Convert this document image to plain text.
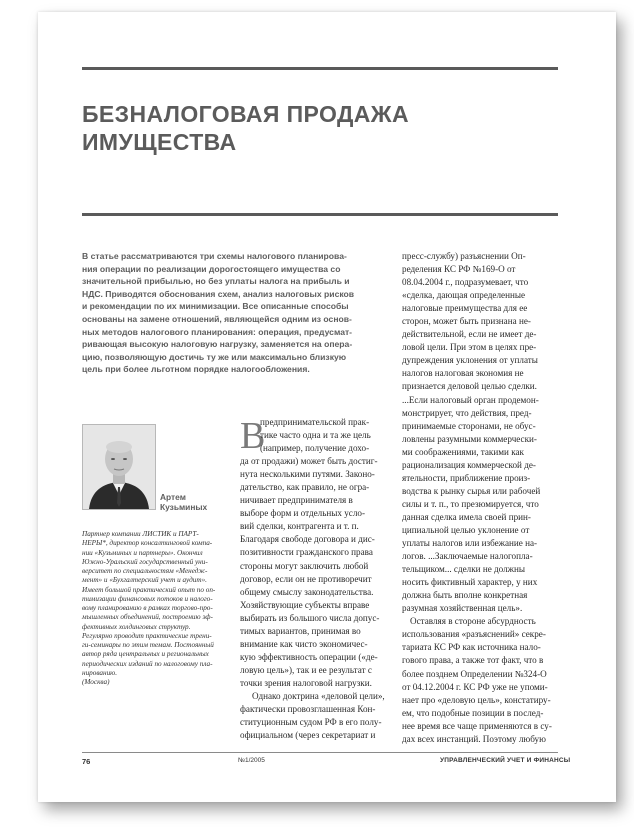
БЕЗНАЛОГОВАЯ ПРОДАЖА
ИМУЩЕСТВА
В статье рассматриваются три схемы налогового планирова-
ния операции по реализации дорогостоящего имущества со
значительной прибылью, но без уплаты налога на прибыль и
НДС. Приводятся обоснования схем, анализ налоговых рисков
и рекомендации по их минимизации. Все описанные способы
основаны на замене отношений, являющейся одним из основ-
ных методов налогового планирования: операция, предусмат-
ривающая высокую налоговую нагрузку, заменяется на опера-
цию, позволяющую достичь ту же или максимально близкую
цель при более льготном порядке налогообложения.
Артем
Кузьминых
Партнер компании ЛИСТИК и ПАРТ-
НЕРЫ*, директор консалтинговой компа-
нии «Кузьминых и партнеры». Окончил
Южно-Уральский государственный уни-
верситет по специальностям «Менедж-
мент» и «Бухгалтерский учет и аудит».
Имеет большой практический опыт по оп-
тимизации финансовых потоков и налого-
вому планированию в рамках торгово-про-
мышленных объединений, построению эф-
фективных холдинговых структур.
Регулярно проводит практические трени-
ги-семинары по этим темам. Постоянный
автор ряда центральных и региональных
периодических изданий по налоговому пла-
нированию.
(Москва)
В
предпринимательской прак-
тике часто одна и та же цель
(например, получение дохо-
да от продажи) может быть достиг-
нута несколькими путями. Законо-
дательство, как правило, не огра-
ничивает предпринимателя в
выборе форм и отдельных усло-
вий сделки, контрагента и т. п.
Благодаря свободе договора и дис-
позитивности гражданского права
стороны могут заключить любой
договор, если он не противоречит
общему смыслу законодательства.
Хозяйствующие субъекты вправе
выбирать из большого числа допус-
тимых вариантов, принимая во
внимание как чисто экономичес-
кую эффективность операции («де-
ловую цель»), так и ее результат с
точки зрения налоговой нагрузки.
Однако доктрина «деловой цели»,
фактически провозглашенная Кон-
ституционным судом РФ в его полу-
официальном (через секретариат и
пресс-службу) разъяснении Оп-
ределения КС РФ №169-О от
08.04.2004 г., подразумевает, что
«сделка, дающая определенные
налоговые преимущества для ее
сторон, может быть признана не-
действительной, если не имеет де-
ловой цели. При этом в целях пре-
дупреждения уклонения от уплаты
налогов налоговая экономия не
признается деловой целью сделки.
...Если налоговый орган продемон-
монстрирует, что действия, пред-
принимаемые сторонами, не обус-
ловлены разумными коммерчески-
ми соображениями, такими как
рационализация коммерческой де-
ятельности, приближение произ-
водства к рынку сырья или рабочей
силы и т. п., то презюмируется, что
данная сделка имела своей прин-
ципиальной целью уклонение от
уплаты налогов или избежание на-
логов. ...Заключаемые налогопла-
тельщиком... сделки не должны
носить фиктивный характер, у них
должна быть вполне конкретная
разумная хозяйственная цель».
Оставляя в стороне абсурдность
использования «разъяснений» секре-
тариата КС РФ как источника нало-
гового права, а также тот факт, что в
более позднем Определении №324-О
от 04.12.2004 г. КС РФ уже не упоми-
нает про «деловую цель», констатиру-
ем, что подобные позиции в послед-
нее время все чаще применяются в су-
дах всех инстанций. Поэтому любую
76	№1/2005	УПРАВЛЕНЧЕСКИЙ УЧЕТ И ФИНАНСЫ
